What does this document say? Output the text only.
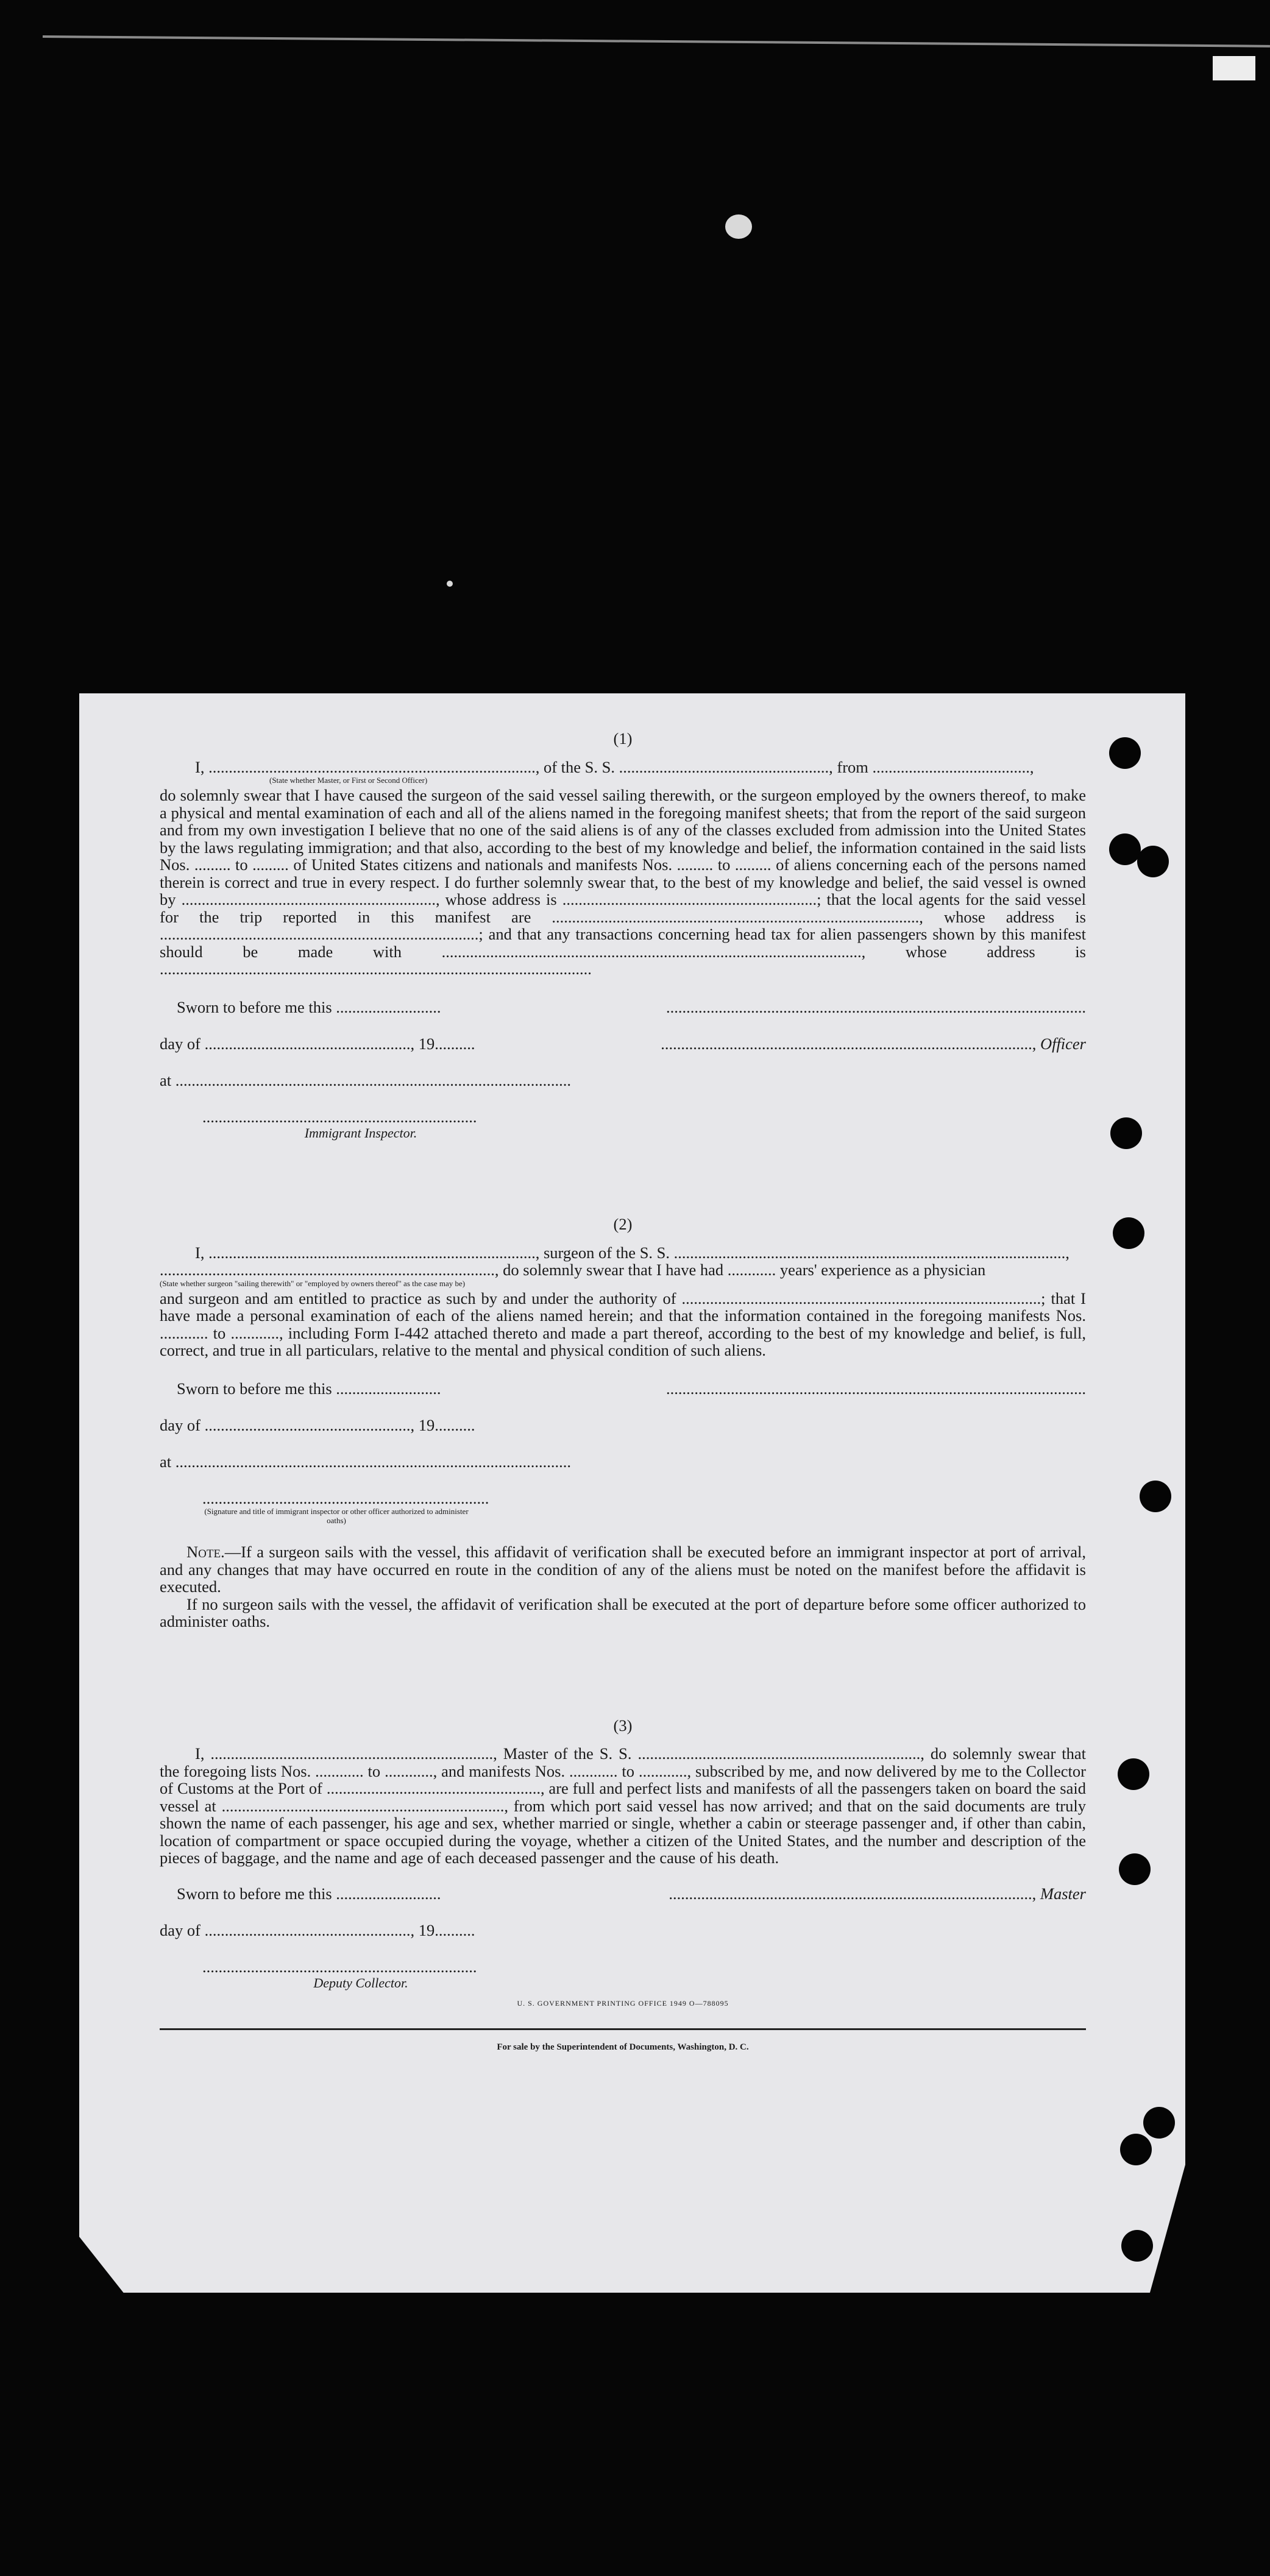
(1)

I, ................................................................................., of the S. S. ...................................................., from .......................................,

(State whether Master, or First or Second Officer)

do solemnly swear that I have caused the surgeon of the said vessel sailing therewith, or the surgeon employed by the owners thereof, to make a physical and mental examination of each and all of the aliens named in the foregoing manifest sheets; that from the report of the said surgeon and from my own investigation I believe that no one of the said aliens is of any of the classes excluded from admission into the United States by the laws regulating immigration; and that also, according to the best of my knowledge and belief, the information contained in the said lists Nos. ......... to ......... of United States citizens and nationals and manifests Nos. ......... to ......... of aliens concerning each of the persons named therein is correct and true in every respect. I do further solemnly swear that, to the best of my knowledge and belief, the said vessel is owned by ..............................................................., whose address is ...............................................................; that the local agents for the said vessel for the trip reported in this manifest are ..........................................................................................., whose address is ...............................................................................; and that any transactions concerning head tax for alien passengers shown by this manifest should be made with ........................................................................................................, whose address is ...........................................................................................................

Sworn to before me this ..........................
day of ..................................................., 19..........
at ..................................................................................................
....................................................................
Immigrant Inspector.
........................................................................................................
............................................................................................, Officer

(2)

I, ................................................................................., surgeon of the S. S. .................................................................................................,

..................................................................................., do solemnly swear that I have had ............ years' experience as a physician

(State whether surgeon "sailing therewith" or "employed by owners thereof" as the case may be)

and surgeon and am entitled to practice as such by and under the authority of .........................................................................................; that I have made a personal examination of each of the aliens named herein; and that the information contained in the foregoing manifests Nos. ............ to ............, including Form I-442 attached thereto and made a part thereof, according to the best of my knowledge and belief, is full, correct, and true in all particulars, relative to the mental and physical condition of such aliens.

Sworn to before me this ..........................
day of ..................................................., 19..........
at ..................................................................................................
.......................................................................
(Signature and title of immigrant inspector or other officer authorized to administer oaths)
........................................................................................................

Note.—If a surgeon sails with the vessel, this affidavit of verification shall be executed before an immigrant inspector at port of arrival, and any changes that may have occurred en route in the condition of any of the aliens must be noted on the manifest before the affidavit is executed.

If no surgeon sails with the vessel, the affidavit of verification shall be executed at the port of departure before some officer authorized to administer oaths.

(3)

I, ......................................................................, Master of the S. S. ......................................................................, do solemnly swear that the foregoing lists Nos. ............ to ............, and manifests Nos. ............ to ............, subscribed by me, and now delivered by me to the Collector of Customs at the Port of ....................................................., are full and perfect lists and manifests of all the passengers taken on board the said vessel at ......................................................................, from which port said vessel has now arrived; and that on the said documents are truly shown the name of each passenger, his age and sex, whether married or single, whether a cabin or steerage passenger and, if other than cabin, location of compartment or space occupied during the voyage, whether a citizen of the United States, and the number and description of the pieces of baggage, and the name and age of each deceased passenger and the cause of his death.

Sworn to before me this ..........................
day of ..................................................., 19..........
....................................................................
Deputy Collector.
.........................................................................................., Master
U. S. GOVERNMENT PRINTING OFFICE 1949 O—788095
For sale by the Superintendent of Documents, Washington, D. C.
